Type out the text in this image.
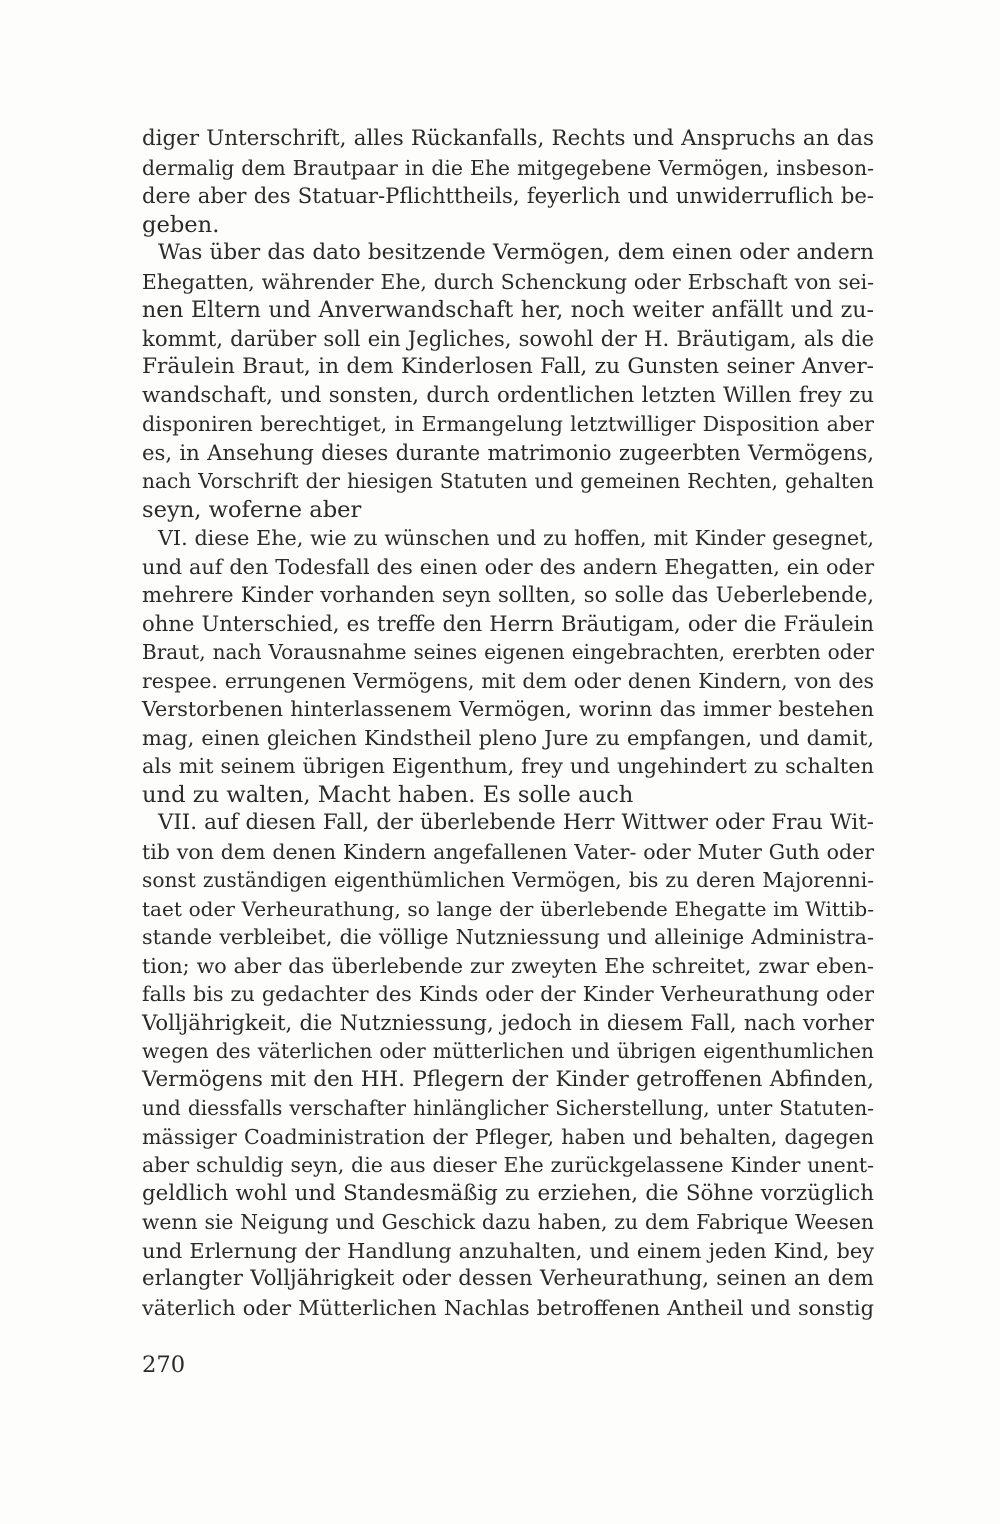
diger Unterschrift, alles Rückanfalls, Rechts und Anspruchs an das
dermalig dem Brautpaar in die Ehe mitgegebene Vermögen, insbeson-
dere aber des Statuar-Pflichttheils, feyerlich und unwiderruflich be-
geben.
Was über das dato besitzende Vermögen, dem einen oder andern
Ehegatten, währender Ehe, durch Schenckung oder Erbschaft von sei-
nen Eltern und Anverwandschaft her, noch weiter anfällt und zu-
kommt, darüber soll ein Jegliches, sowohl der H. Bräutigam, als die
Fräulein Braut, in dem Kinderlosen Fall, zu Gunsten seiner Anver-
wandschaft, und sonsten, durch ordentlichen letzten Willen frey zu
disponiren berechtiget, in Ermangelung letztwilliger Disposition aber
es, in Ansehung dieses durante matrimonio zugeerbten Vermögens,
nach Vorschrift der hiesigen Statuten und gemeinen Rechten, gehalten
seyn, woferne aber
VI. diese Ehe, wie zu wünschen und zu hoffen, mit Kinder gesegnet,
und auf den Todesfall des einen oder des andern Ehegatten, ein oder
mehrere Kinder vorhanden seyn sollten, so solle das Ueberlebende,
ohne Unterschied, es treffe den Herrn Bräutigam, oder die Fräulein
Braut, nach Vorausnahme seines eigenen eingebrachten, ererbten oder
respee. errungenen Vermögens, mit dem oder denen Kindern, von des
Verstorbenen hinterlassenem Vermögen, worinn das immer bestehen
mag, einen gleichen Kindstheil pleno Jure zu empfangen, und damit,
als mit seinem übrigen Eigenthum, frey und ungehindert zu schalten
und zu walten, Macht haben. Es solle auch
VII. auf diesen Fall, der überlebende Herr Wittwer oder Frau Wit-
tib von dem denen Kindern angefallenen Vater- oder Muter Guth oder
sonst zuständigen eigenthümlichen Vermögen, bis zu deren Majorenni-
taet oder Verheurathung, so lange der überlebende Ehegatte im Wittib-
stande verbleibet, die völlige Nutzniessung und alleinige Administra-
tion; wo aber das überlebende zur zweyten Ehe schreitet, zwar eben-
falls bis zu gedachter des Kinds oder der Kinder Verheurathung oder
Volljährigkeit, die Nutzniessung, jedoch in diesem Fall, nach vorher
wegen des väterlichen oder mütterlichen und übrigen eigenthumlichen
Vermögens mit den HH. Pflegern der Kinder getroffenen Abfinden,
und diessfalls verschafter hinlänglicher Sicherstellung, unter Statuten-
mässiger Coadministration der Pfleger, haben und behalten, dagegen
aber schuldig seyn, die aus dieser Ehe zurückgelassene Kinder unent-
geldlich wohl und Standesmäßig zu erziehen, die Söhne vorzüglich
wenn sie Neigung und Geschick dazu haben, zu dem Fabrique Weesen
und Erlernung der Handlung anzuhalten, und einem jeden Kind, bey
erlangter Volljährigkeit oder dessen Verheurathung, seinen an dem
väterlich oder Mütterlichen Nachlas betroffenen Antheil und sonstig
270
